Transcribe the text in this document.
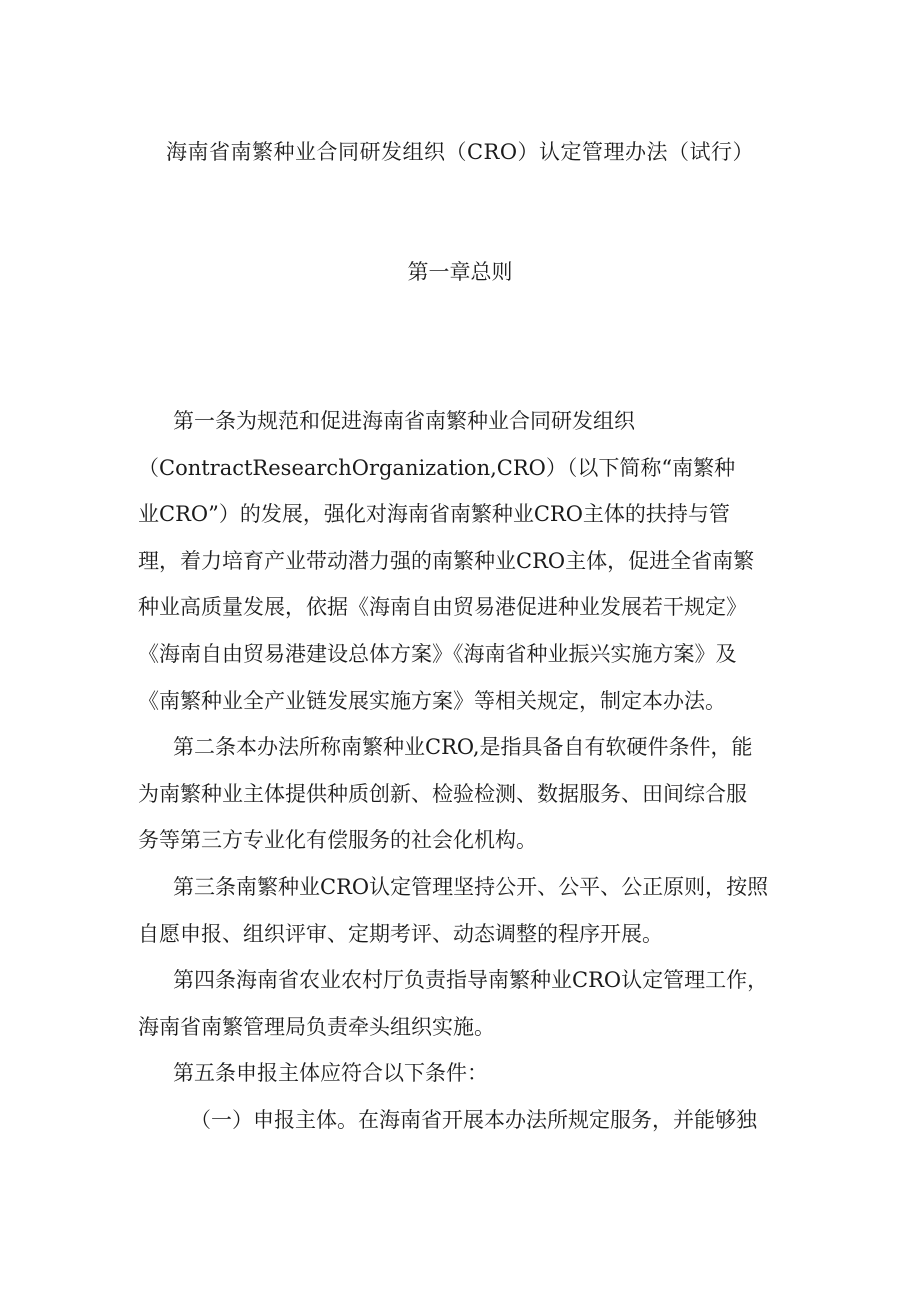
海南省南繁种业合同研发组织（CRO）认定管理办法（试行）
第一章总则
第一条为规范和促进海南省南繁种业合同研发组织
（ContractResearchOrganization,CRO）（以下简称“南繁种
业CRO”）的发展，强化对海南省南繁种业CRO主体的扶持与管
理，着力培育产业带动潜力强的南繁种业CRO主体，促进全省南繁
种业高质量发展，依据《海南自由贸易港促进种业发展若干规定》
《海南自由贸易港建设总体方案》《海南省种业振兴实施方案》及
《南繁种业全产业链发展实施方案》等相关规定，制定本办法。
第二条本办法所称南繁种业CRO,是指具备自有软硬件条件，能
为南繁种业主体提供种质创新、检验检测、数据服务、田间综合服
务等第三方专业化有偿服务的社会化机构。
第三条南繁种业CRO认定管理坚持公开、公平、公正原则，按照
自愿申报、组织评审、定期考评、动态调整的程序开展。
第四条海南省农业农村厅负责指导南繁种业CRO认定管理工作，
海南省南繁管理局负责牵头组织实施。
第五条申报主体应符合以下条件：
（一）申报主体。在海南省开展本办法所规定服务，并能够独
